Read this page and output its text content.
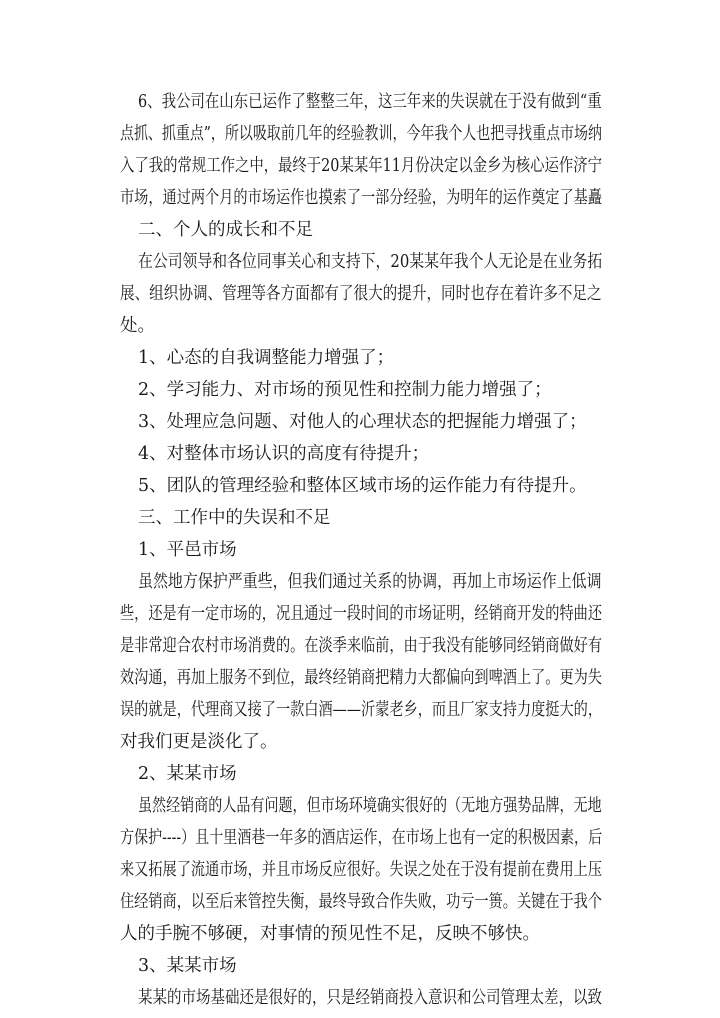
6、我公司在山东已运作了整整三年，这三年来的失误就在于没有做到“重
点抓、抓重点”，所以吸取前几年的经验教训，今年我个人也把寻找重点市场纳
入了我的常规工作之中，最终于20某某年11月份决定以金乡为核心运作济宁
市场，通过两个月的市场运作也摸索了一部分经验，为明年的运作奠定了基矗
二、个人的成长和不足
在公司领导和各位同事关心和支持下，20某某年我个人无论是在业务拓
展、组织协调、管理等各方面都有了很大的提升，同时也存在着许多不足之
处。
1、心态的自我调整能力增强了；
2、学习能力、对市场的预见性和控制力能力增强了；
3、处理应急问题、对他人的心理状态的把握能力增强了；
4、对整体市场认识的高度有待提升；
5、团队的管理经验和整体区域市场的运作能力有待提升。
三、工作中的失误和不足
1、平邑市场
虽然地方保护严重些，但我们通过关系的协调，再加上市场运作上低调
些，还是有一定市场的，况且通过一段时间的市场证明，经销商开发的特曲还
是非常迎合农村市场消费的。在淡季来临前，由于我没有能够同经销商做好有
效沟通，再加上服务不到位，最终经销商把精力大都偏向到啤酒上了。更为失
误的就是，代理商又接了一款白酒——沂蒙老乡，而且厂家支持力度挺大的，
对我们更是淡化了。
2、某某市场
虽然经销商的人品有问题，但市场环境确实很好的（无地方强势品牌，无地
方保护----）且十里酒巷一年多的酒店运作，在市场上也有一定的积极因素，后
来又拓展了流通市场，并且市场反应很好。失误之处在于没有提前在费用上压
住经销商，以至后来管控失衡，最终导致合作失败，功亏一篑。关键在于我个
人的手腕不够硬，对事情的预见性不足，反映不够快。
3、某某市场
某某的市场基础还是很好的，只是经销商投入意识和公司管理太差，以致
